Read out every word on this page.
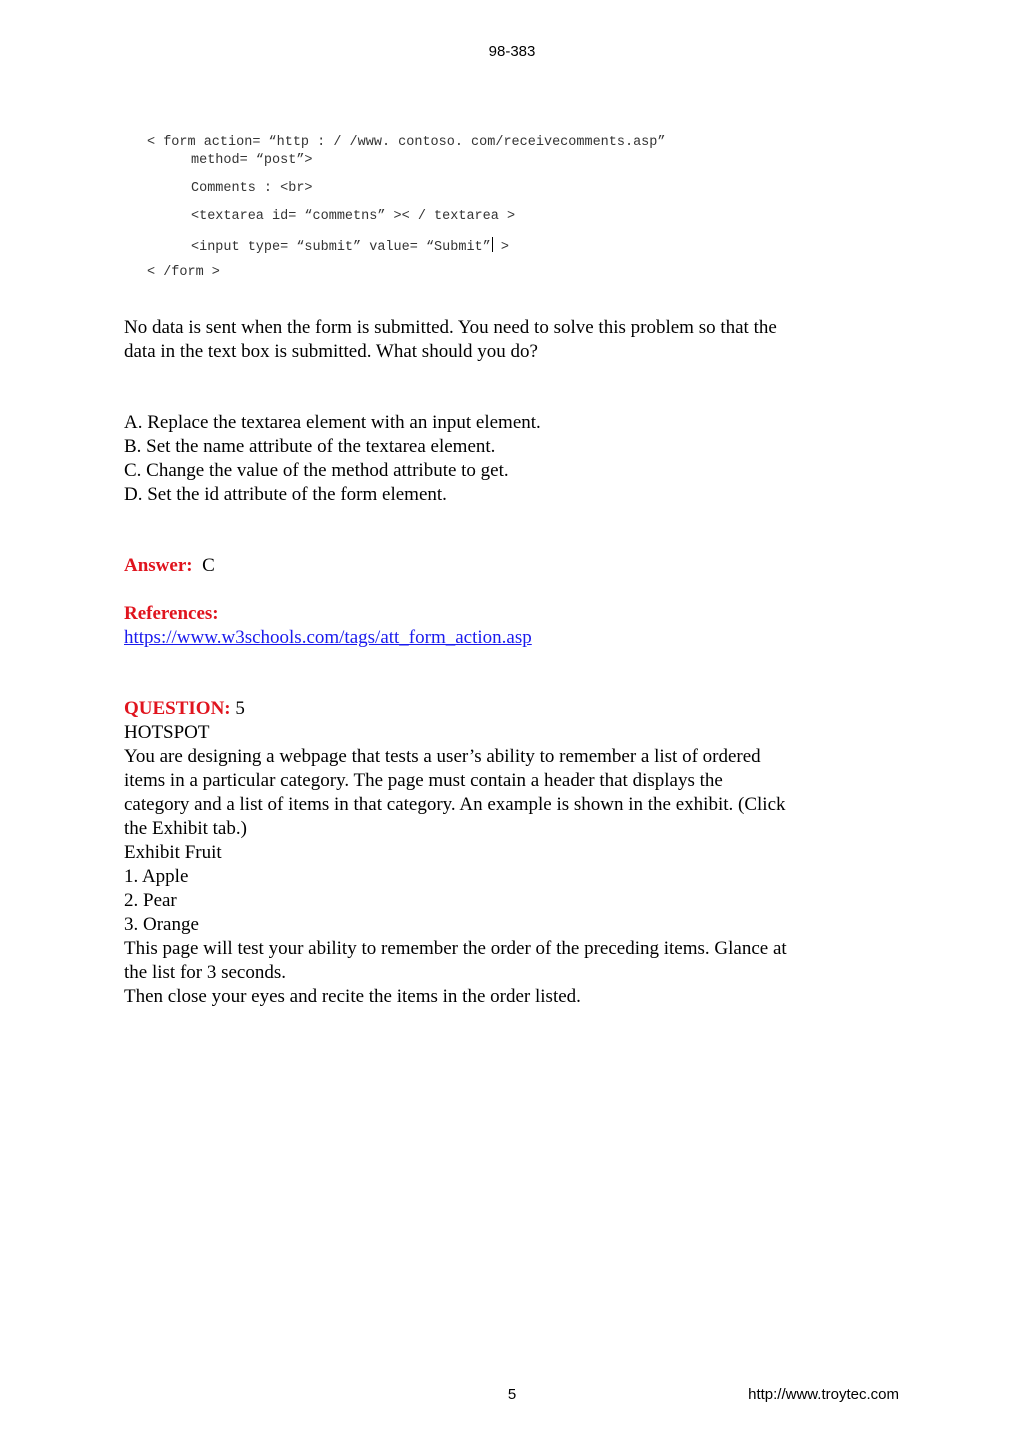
98-383
< form action= “http : / /www. contoso. com/receivecomments.asp”
method= “post”>
Comments : <br>
<textarea id= “commetns” >< / textarea >
<input type= “submit” value= “Submit” >
< /form >

No data is sent when the form is submitted. You need to solve this problem so that the

data in the text box is submitted. What should you do?

A. Replace the textarea element with an input element.

B. Set the name attribute of the textarea element.

C. Change the value of the method attribute to get.

D. Set the id attribute of the form element.

Answer: C

References:

https://www.w3schools.com/tags/att_form_action.asp

QUESTION: 5

HOTSPOT

You are designing a webpage that tests a user’s ability to remember a list of ordered

items in a particular category. The page must contain a header that displays the

category and a list of items in that category. An example is shown in the exhibit. (Click

the Exhibit tab.)

Exhibit Fruit

1. Apple

2. Pear

3. Orange

This page will test your ability to remember the order of the preceding items. Glance at

the list for 3 seconds.

Then close your eyes and recite the items in the order listed.

5	http://www.troytec.com
